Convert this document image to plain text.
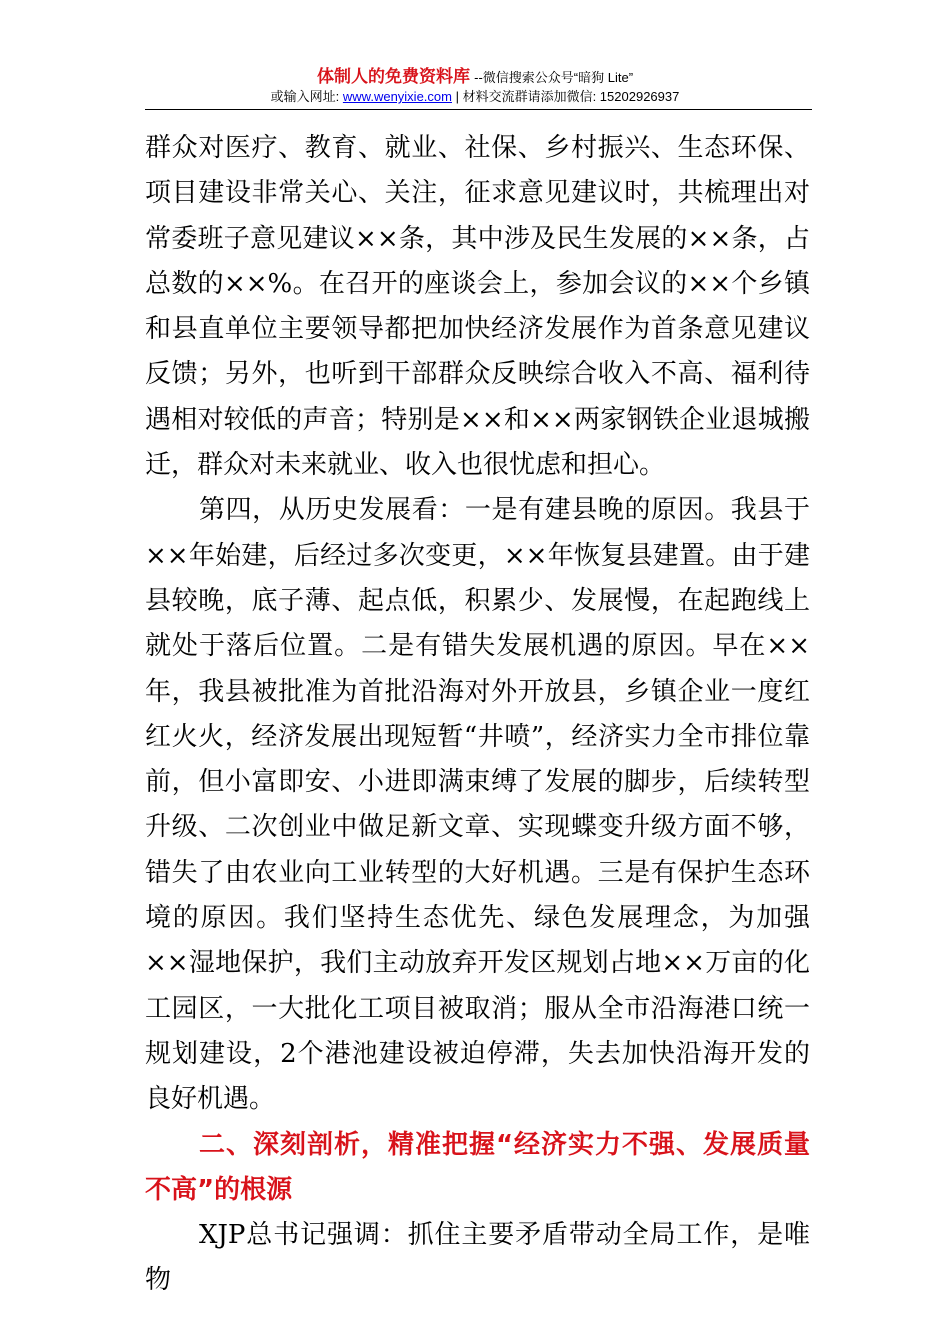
体制人的免费资料库 --微信搜索公众号“暗狗 Lite”
或输入网址: www.wenyixie.com | 材料交流群请添加微信: 15202926937

群众对医疗、教育、就业、社保、乡村振兴、生态环保、项目建设非常关心、关注，征求意见建议时，共梳理出对常委班子意见建议××条，其中涉及民生发展的××条，占总数的××%。在召开的座谈会上，参加会议的××个乡镇和县直单位主要领导都把加快经济发展作为首条意见建议反馈；另外，也听到干部群众反映综合收入不高、福利待遇相对较低的声音；特别是××和××两家钢铁企业退城搬迁，群众对未来就业、收入也很忧虑和担心。

第四，从历史发展看：一是有建县晚的原因。我县于××年始建，后经过多次变更，××年恢复县建置。由于建县较晚，底子薄、起点低，积累少、发展慢，在起跑线上就处于落后位置。二是有错失发展机遇的原因。早在××年，我县被批准为首批沿海对外开放县，乡镇企业一度红红火火，经济发展出现短暂“井喷”，经济实力全市排位靠前，但小富即安、小进即满束缚了发展的脚步，后续转型升级、二次创业中做足新文章、实现蝶变升级方面不够，错失了由农业向工业转型的大好机遇。三是有保护生态环境的原因。我们坚持生态优先、绿色发展理念，为加强××湿地保护，我们主动放弃开发区规划占地××万亩的化工园区，一大批化工项目被取消；服从全市沿海港口统一规划建设，2个港池建设被迫停滞，失去加快沿海开发的良好机遇。

二、深刻剖析，精准把握“经济实力不强、发展质量不高”的根源

XJP总书记强调：抓住主要矛盾带动全局工作，是唯物
